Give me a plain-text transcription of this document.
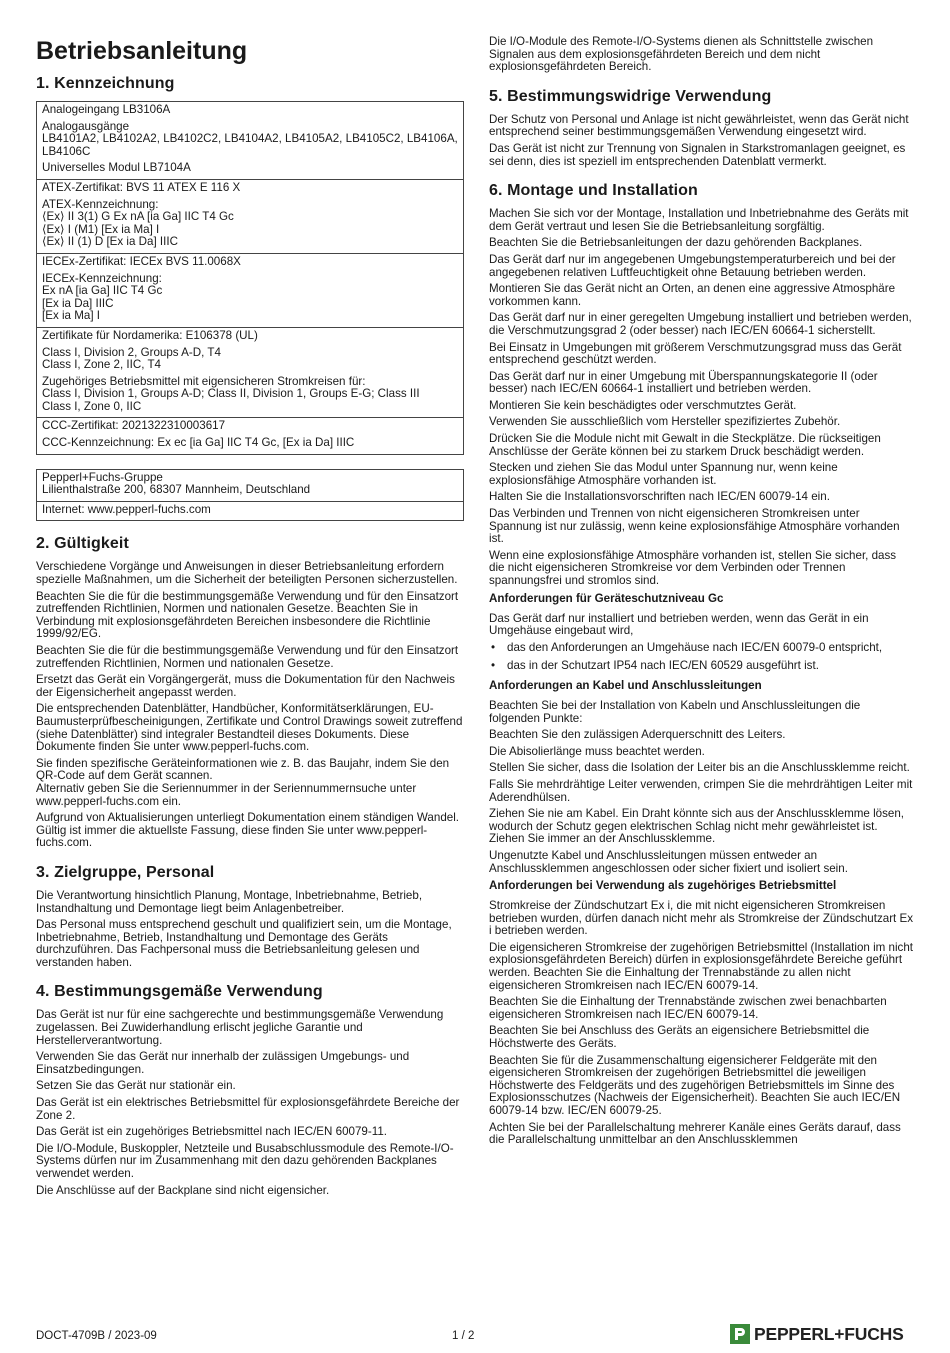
Betriebsanleitung
1. Kennzeichnung

Analogeingang LB3106A

Analogausgänge
LB4101A2, LB4102A2, LB4102C2, LB4104A2, LB4105A2, LB4105C2, LB4106A, LB4106C

Universelles Modul LB7104A

ATEX-Zertifikat: BVS 11 ATEX E 116 X

ATEX-Kennzeichnung:
⟨Ex⟩ II 3(1) G Ex nA [ia Ga] IIC T4 Gc
⟨Ex⟩ I (M1) [Ex ia Ma] I
⟨Ex⟩ II (1) D [Ex ia Da] IIIC

IECEx-Zertifikat: IECEx BVS 11.0068X

IECEx-Kennzeichnung:
Ex nA [ia Ga] IIC T4 Gc
[Ex ia Da] IIIC
[Ex ia Ma] I

Zertifikate für Nordamerika: E106378 (UL)

Class I, Division 2, Groups A-D, T4
Class I, Zone 2, IIC, T4

Zugehöriges Betriebsmittel mit eigensicheren Stromkreisen für:
Class I, Division 1, Groups A-D; Class II, Division 1, Groups E-G; Class III
Class I, Zone 0, IIC

CCC-Zertifikat: 2021322310003617

CCC-Kennzeichnung: Ex ec [ia Ga] IIC T4 Gc, [Ex ia Da] IIIC

Pepperl+Fuchs-Gruppe
Lilienthalstraße 200, 68307 Mannheim, Deutschland

Internet: www.pepperl-fuchs.com

2. Gültigkeit

Verschiedene Vorgänge und Anweisungen in dieser Betriebsanleitung erfordern spezielle Maßnahmen, um die Sicherheit der beteiligten Personen sicherzustellen.

Beachten Sie die für die bestimmungsgemäße Verwendung und für den Einsatzort zutreffenden Richtlinien, Normen und nationalen Gesetze. Beachten Sie in Verbindung mit explosionsgefährdeten Bereichen insbesondere die Richtlinie 1999/92/EG.

Beachten Sie die für die bestimmungsgemäße Verwendung und für den Einsatzort zutreffenden Richtlinien, Normen und nationalen Gesetze.

Ersetzt das Gerät ein Vorgängergerät, muss die Dokumentation für den Nachweis der Eigensicherheit angepasst werden.

Die entsprechenden Datenblätter, Handbücher, Konformitätserklärungen, EU-Baumusterprüfbescheinigungen, Zertifikate und Control Drawings soweit zutreffend (siehe Datenblätter) sind integraler Bestandteil dieses Dokuments. Diese Dokumente finden Sie unter www.pepperl-fuchs.com.

Sie finden spezifische Geräteinformationen wie z. B. das Baujahr, indem Sie den QR-Code auf dem Gerät scannen.
Alternativ geben Sie die Seriennummer in der Seriennummernsuche unter www.pepperl-fuchs.com ein.

Aufgrund von Aktualisierungen unterliegt Dokumentation einem ständigen Wandel. Gültig ist immer die aktuellste Fassung, diese finden Sie unter www.pepperl-fuchs.com.

3. Zielgruppe, Personal

Die Verantwortung hinsichtlich Planung, Montage, Inbetriebnahme, Betrieb, Instandhaltung und Demontage liegt beim Anlagenbetreiber.

Das Personal muss entsprechend geschult und qualifiziert sein, um die Montage, Inbetriebnahme, Betrieb, Instandhaltung und Demontage des Geräts durchzuführen. Das Fachpersonal muss die Betriebsanleitung gelesen und verstanden haben.

4. Bestimmungsgemäße Verwendung

Das Gerät ist nur für eine sachgerechte und bestimmungsgemäße Verwendung zugelassen. Bei Zuwiderhandlung erlischt jegliche Garantie und Herstellerverantwortung.

Verwenden Sie das Gerät nur innerhalb der zulässigen Umgebungs- und Einsatzbedingungen.

Setzen Sie das Gerät nur stationär ein.

Das Gerät ist ein elektrisches Betriebsmittel für explosionsgefährdete Bereiche der Zone 2.

Das Gerät ist ein zugehöriges Betriebsmittel nach IEC/EN 60079-11.

Die I/O-Module, Buskoppler, Netzteile und Busabschlussmodule des Remote-I/O-Systems dürfen nur im Zusammenhang mit den dazu gehörenden Backplanes verwendet werden.

Die Anschlüsse auf der Backplane sind nicht eigensicher.

Die I/O-Module des Remote-I/O-Systems dienen als Schnittstelle zwischen Signalen aus dem explosionsgefährdeten Bereich und dem nicht explosionsgefährdeten Bereich.

5. Bestimmungswidrige Verwendung

Der Schutz von Personal und Anlage ist nicht gewährleistet, wenn das Gerät nicht entsprechend seiner bestimmungsgemäßen Verwendung eingesetzt wird.

Das Gerät ist nicht zur Trennung von Signalen in Starkstromanlagen geeignet, es sei denn, dies ist speziell im entsprechenden Datenblatt vermerkt.

6. Montage und Installation

Machen Sie sich vor der Montage, Installation und Inbetriebnahme des Geräts mit dem Gerät vertraut und lesen Sie die Betriebsanleitung sorgfältig.

Beachten Sie die Betriebsanleitungen der dazu gehörenden Backplanes.

Das Gerät darf nur im angegebenen Umgebungstemperaturbereich und bei der angegebenen relativen Luftfeuchtigkeit ohne Betauung betrieben werden.

Montieren Sie das Gerät nicht an Orten, an denen eine aggressive Atmosphäre vorkommen kann.

Das Gerät darf nur in einer geregelten Umgebung installiert und betrieben werden, die Verschmutzungsgrad 2 (oder besser) nach IEC/EN 60664-1 sicherstellt.

Bei Einsatz in Umgebungen mit größerem Verschmutzungsgrad muss das Gerät entsprechend geschützt werden.

Das Gerät darf nur in einer Umgebung mit Überspannungskategorie II (oder besser) nach IEC/EN 60664-1 installiert und betrieben werden.

Montieren Sie kein beschädigtes oder verschmutztes Gerät.

Verwenden Sie ausschließlich vom Hersteller spezifiziertes Zubehör.

Drücken Sie die Module nicht mit Gewalt in die Steckplätze. Die rückseitigen Anschlüsse der Geräte können bei zu starkem Druck beschädigt werden.

Stecken und ziehen Sie das Modul unter Spannung nur, wenn keine explosionsfähige Atmosphäre vorhanden ist.

Halten Sie die Installationsvorschriften nach IEC/EN 60079-14 ein.

Das Verbinden und Trennen von nicht eigensicheren Stromkreisen unter Spannung ist nur zulässig, wenn keine explosionsfähige Atmosphäre vorhanden ist.

Wenn eine explosionsfähige Atmosphäre vorhanden ist, stellen Sie sicher, dass die nicht eigensicheren Stromkreise vor dem Verbinden oder Trennen spannungsfrei und stromlos sind.

Anforderungen für Geräteschutzniveau Gc

Das Gerät darf nur installiert und betrieben werden, wenn das Gerät in ein Umgehäuse eingebaut wird,

• das den Anforderungen an Umgehäuse nach IEC/EN 60079-0 entspricht,
• das in der Schutzart IP54 nach IEC/EN 60529 ausgeführt ist.
Anforderungen an Kabel und Anschlussleitungen

Beachten Sie bei der Installation von Kabeln und Anschlussleitungen die folgenden Punkte:

Beachten Sie den zulässigen Aderquerschnitt des Leiters.

Die Abisolierlänge muss beachtet werden.

Stellen Sie sicher, dass die Isolation der Leiter bis an die Anschlussklemme reicht.

Falls Sie mehrdrähtige Leiter verwenden, crimpen Sie die mehrdrähtigen Leiter mit Aderendhülsen.

Ziehen Sie nie am Kabel. Ein Draht könnte sich aus der Anschlussklemme lösen, wodurch der Schutz gegen elektrischen Schlag nicht mehr gewährleistet ist. Ziehen Sie immer an der Anschlussklemme.

Ungenutzte Kabel und Anschlussleitungen müssen entweder an Anschlussklemmen angeschlossen oder sicher fixiert und isoliert sein.

Anforderungen bei Verwendung als zugehöriges Betriebsmittel

Stromkreise der Zündschutzart Ex i, die mit nicht eigensicheren Stromkreisen betrieben wurden, dürfen danach nicht mehr als Stromkreise der Zündschutzart Ex i betrieben werden.

Die eigensicheren Stromkreise der zugehörigen Betriebsmittel (Installation im nicht explosionsgefährdeten Bereich) dürfen in explosionsgefährdete Bereiche geführt werden. Beachten Sie die Einhaltung der Trennabstände zu allen nicht eigensicheren Stromkreisen nach IEC/EN 60079-14.

Beachten Sie die Einhaltung der Trennabstände zwischen zwei benachbarten eigensicheren Stromkreisen nach IEC/EN 60079-14.

Beachten Sie bei Anschluss des Geräts an eigensichere Betriebsmittel die Höchstwerte des Geräts.

Beachten Sie für die Zusammenschaltung eigensicherer Feldgeräte mit den eigensicheren Stromkreisen der zugehörigen Betriebsmittel die jeweiligen Höchstwerte des Feldgeräts und des zugehörigen Betriebsmittels im Sinne des Explosionsschutzes (Nachweis der Eigensicherheit). Beachten Sie auch IEC/EN 60079-14 bzw. IEC/EN 60079-25.

Achten Sie bei der Parallelschaltung mehrerer Kanäle eines Geräts darauf, dass die Parallelschaltung unmittelbar an den Anschlussklemmen

DOCT-4709B / 2023-09	1 / 2	PEPPERL+FUCHS
